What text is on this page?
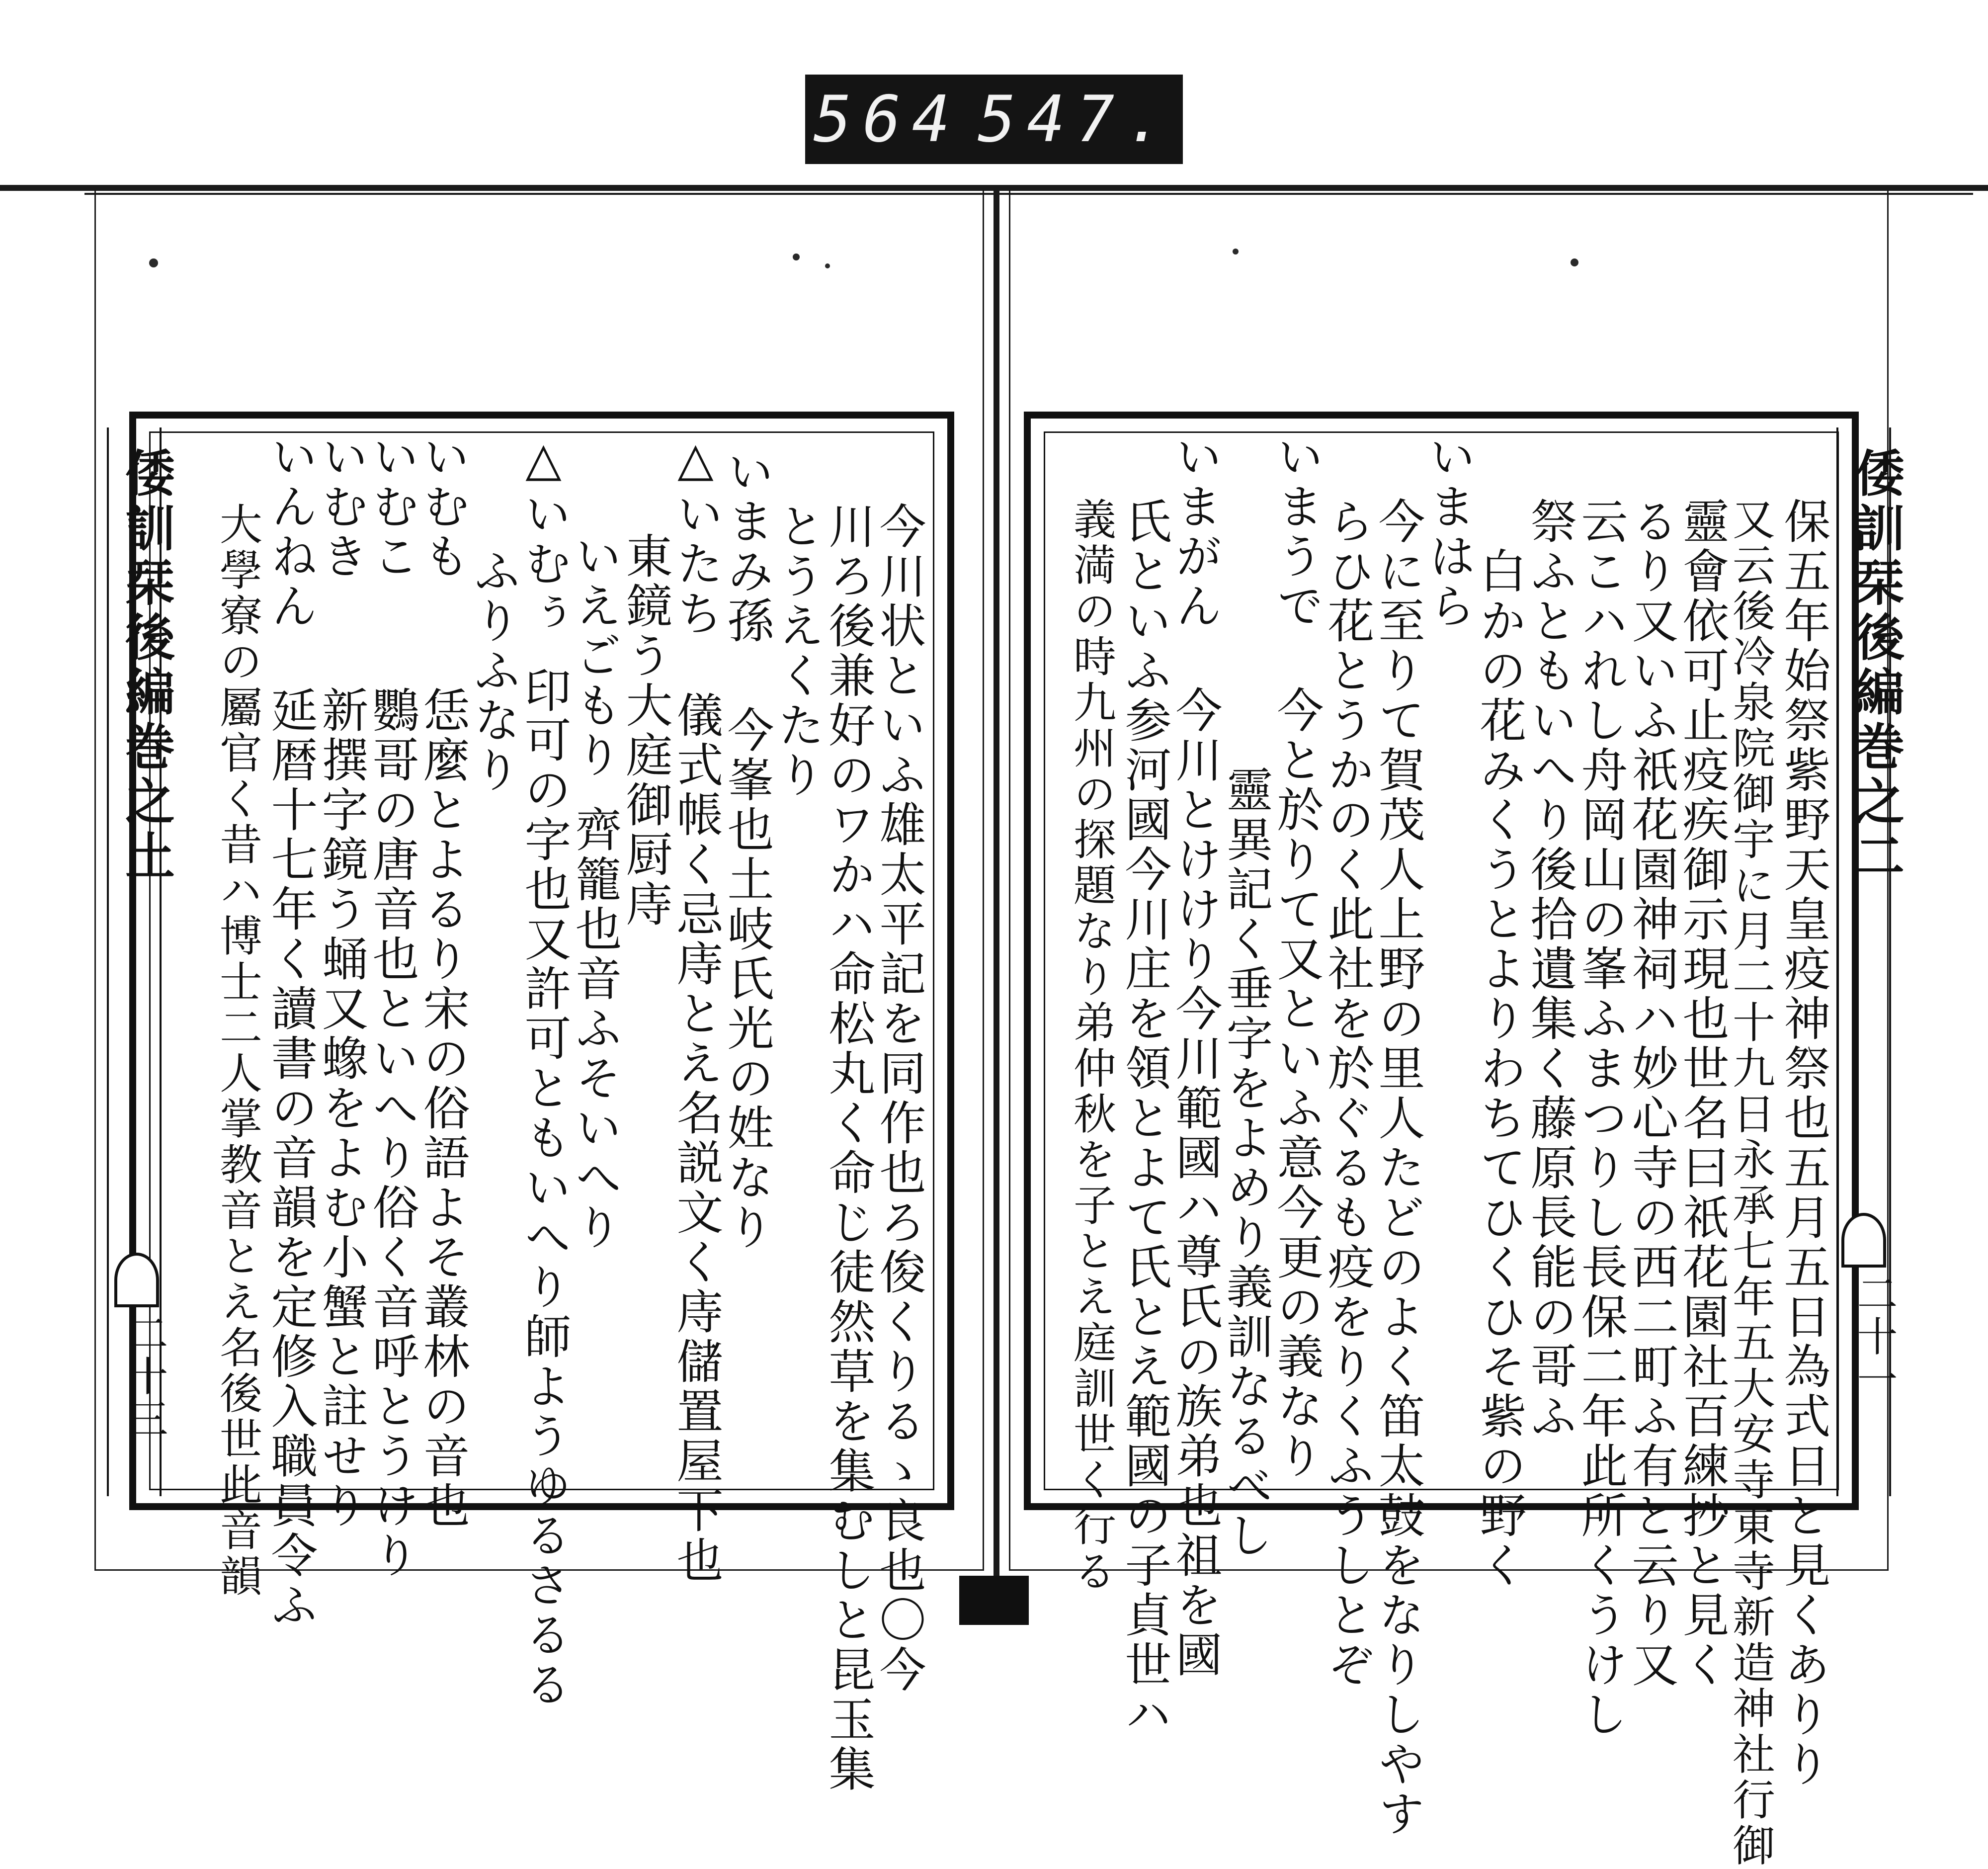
564 547.
倭訓栞後編巻之土
二十三
倭訓栞後編巻之二
二十一
今川状といふ雄太平記を同作也ろ俊くりるゝ良也〇今
川ろ後兼好のワかハ命松丸く命じ徒然草を集むしと昆玉集
とうえくたり
いまみ孫
今峯也土岐氏光の姓なり
△いたち
儀式帳く忌庤とえ名説文く庤儲置屋下也
東鏡う大庭御厨庤
いえごもり
齊籠也音ふそいへり
△いむぅ
印可の字也又許可ともいへり師ようゆるさるる
ふりふなり
いむも
恁麼とよるり宋の俗語よそ叢林の音也
いむこ
鸚哥の唐音也といへり俗く音呼とうけり
いむき
新撰字鏡う蛹又蟓をよむ小蟹と註せり
いんねん
延暦十七年く讀書の音韻を定修入職員令ふ
大學寮の屬官く昔ハ博士二人掌教音とえ名後世此音韻	保五年始祭紫野天皇疫神祭也五月五日為式日と見くありり
又云後冷泉院御宇に月二十九日永承七年五大安寺東寺新造神社行御
靈會依可止疫疾御示現也世名曰祇花園社百練抄と見く
るり又いふ祇花園神祠ハ妙心寺の西二町ふ有と云り又
云こハれし舟岡山の峯ふまつりし長保二年此所くうけし
祭ふともいへり後拾遺集く藤原長能の哥ふ
白かの花みくうとよりわちてひくひそ紫の野く
いまはら
今に至りて賀茂人上野の里人たどのよく笛太鼓をなりしやす
らひ花とうかのく此社を於ぐるも疫をりくふうしとぞ
いまうで
今と於りて又といふ意今更の義なり
靈異記く垂字をよめり義訓なるべし
いまがん
今川とけけり今川範國ハ尊氏の族弟也祖を國
氏といふ参河國今川庄を領とよて氏とえ範國の子貞世ハ
義満の時九州の探題なり弟仲秋を子とえ庭訓世く行る
